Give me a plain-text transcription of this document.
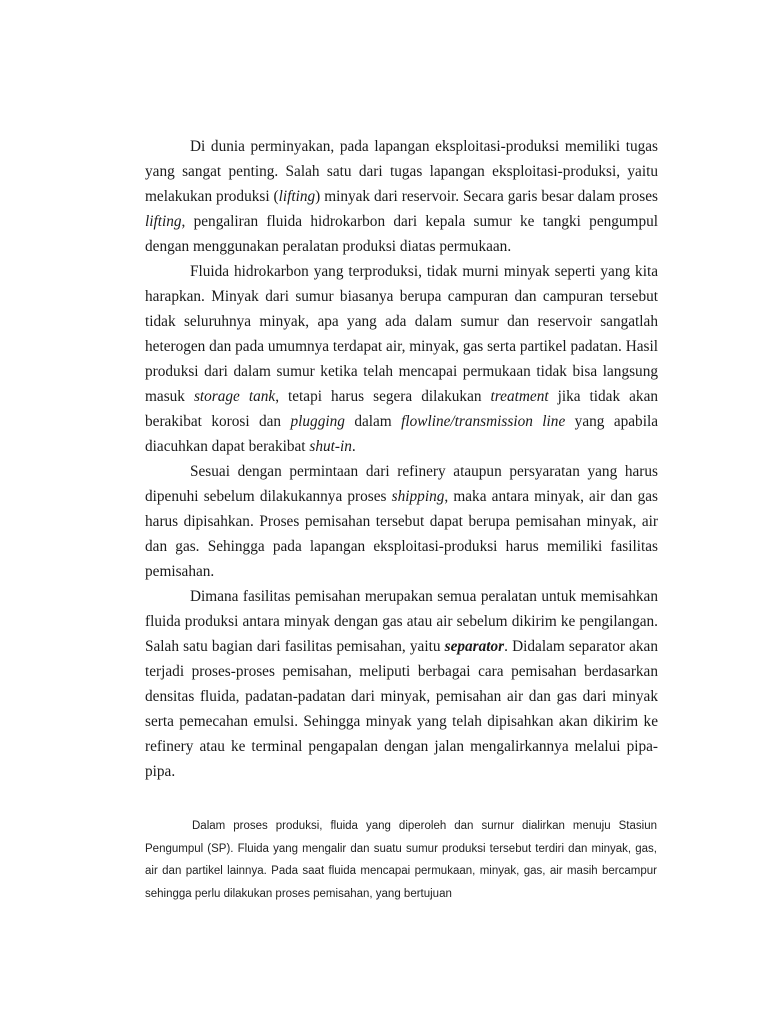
Di dunia perminyakan, pada lapangan eksploitasi-produksi memiliki tugas yang sangat penting. Salah satu dari tugas lapangan eksploitasi-produksi, yaitu melakukan produksi (lifting) minyak dari reservoir. Secara garis besar dalam proses lifting, pengaliran fluida hidrokarbon dari kepala sumur ke tangki pengumpul dengan menggunakan peralatan produksi diatas permukaan.

Fluida hidrokarbon yang terproduksi, tidak murni minyak seperti yang kita harapkan. Minyak dari sumur biasanya berupa campuran dan campuran tersebut tidak seluruhnya minyak, apa yang ada dalam sumur dan reservoir sangatlah heterogen dan pada umumnya terdapat air, minyak, gas serta partikel padatan. Hasil produksi dari dalam sumur ketika telah mencapai permukaan tidak bisa langsung masuk storage tank, tetapi harus segera dilakukan treatment jika tidak akan berakibat korosi dan plugging dalam flowline/transmission line yang apabila diacuhkan dapat berakibat shut-in.

Sesuai dengan permintaan dari refinery ataupun persyaratan yang harus dipenuhi sebelum dilakukannya proses shipping, maka antara minyak, air dan gas harus dipisahkan. Proses pemisahan tersebut dapat berupa pemisahan minyak, air dan gas. Sehingga pada lapangan eksploitasi-produksi harus memiliki fasilitas pemisahan.

Dimana fasilitas pemisahan merupakan semua peralatan untuk memisahkan fluida produksi antara minyak dengan gas atau air sebelum dikirim ke pengilangan. Salah satu bagian dari fasilitas pemisahan, yaitu separator. Didalam separator akan terjadi proses-proses pemisahan, meliputi berbagai cara pemisahan berdasarkan densitas fluida, padatan-padatan dari minyak, pemisahan air dan gas dari minyak serta pemecahan emulsi. Sehingga minyak yang telah dipisahkan akan dikirim ke refinery atau ke terminal pengapalan dengan jalan mengalirkannya melalui pipa-pipa.

Dalam proses produksi, fluida yang diperoleh dan surnur dialirkan menuju Stasiun Pengumpul (SP). Fluida yang mengalir dan suatu sumur produksi tersebut terdiri dan minyak, gas, air dan partikel lainnya. Pada saat fluida mencapai permukaan, minyak, gas, air masih bercampur sehingga perlu dilakukan proses pemisahan, yang bertujuan
